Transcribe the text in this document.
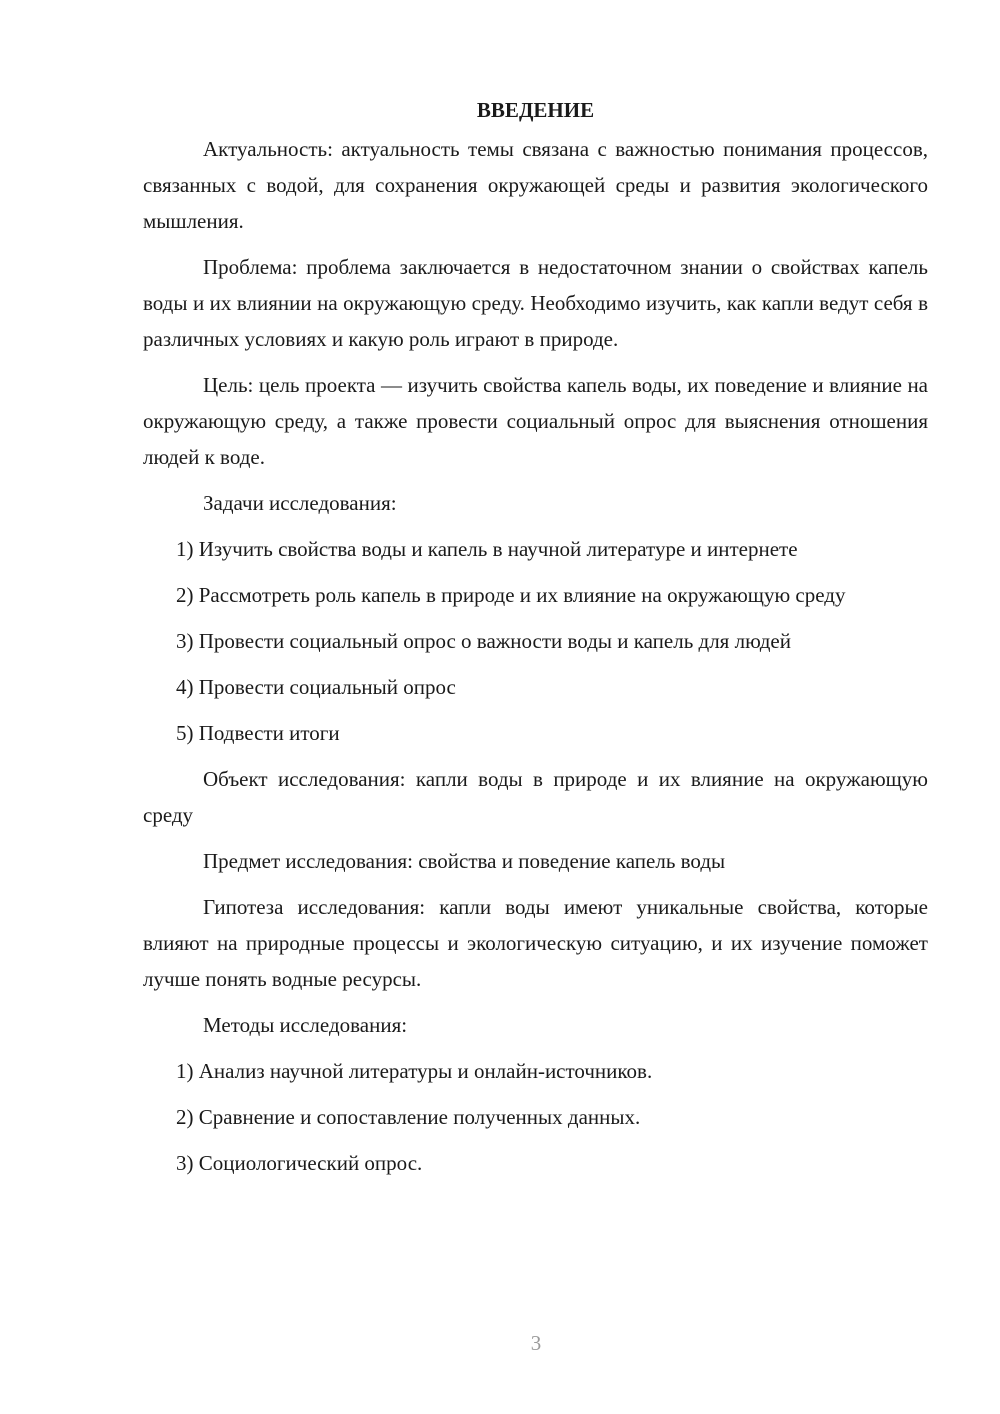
ВВЕДЕНИЕ

Актуальность: актуальность темы связана с важностью понимания процессов, связанных с водой, для сохранения окружающей среды и развития экологического мышления.

Проблема: проблема заключается в недостаточном знании о свойствах капель воды и их влиянии на окружающую среду. Необходимо изучить, как капли ведут себя в различных условиях и какую роль играют в природе.

Цель: цель проекта — изучить свойства капель воды, их поведение и влияние на окружающую среду, а также провести социальный опрос для выяснения отношения людей к воде.

Задачи исследования:

1) Изучить свойства воды и капель в научной литературе и интернете

2) Рассмотреть роль капель в природе и их влияние на окружающую среду

3) Провести социальный опрос о важности воды и капель для людей

4) Провести социальный опрос

5) Подвести итоги

Объект исследования: капли воды в природе и их влияние на окружающую среду

Предмет исследования: свойства и поведение капель воды

Гипотеза исследования: капли воды имеют уникальные свойства, которые влияют на природные процессы и экологическую ситуацию, и их изучение поможет лучше понять водные ресурсы.

Методы исследования:

1) Анализ научной литературы и онлайн-источников.

2) Сравнение и сопоставление полученных данных.

3) Социологический опрос.

3
